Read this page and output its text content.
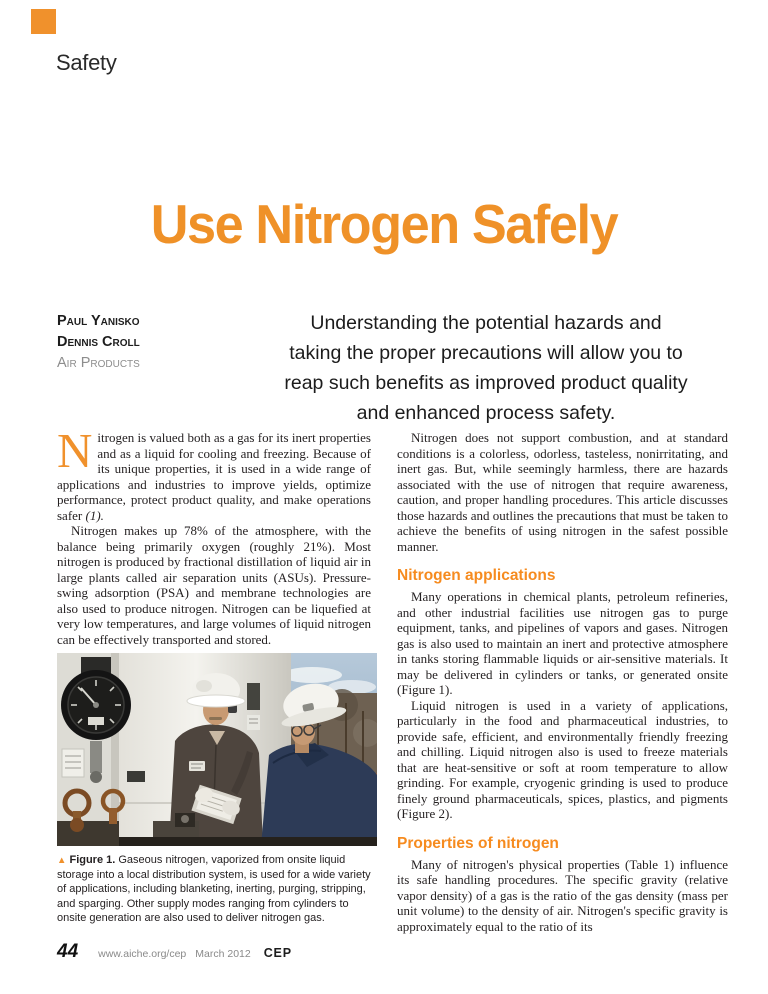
Safety
Use Nitrogen Safely
Paul Yanisko
Dennis Croll
Air Products
Understanding the potential hazards and
taking the proper precautions will allow you to
reap such benefits as improved product quality
and enhanced process safety.

Nitrogen is valued both as a gas for its inert properties and as a liquid for cooling and freezing. Because of its unique properties, it is used in a wide range of applications and industries to improve yields, optimize performance, protect product quality, and make operations safer (1).

Nitrogen makes up 78% of the atmosphere, with the balance being primarily oxygen (roughly 21%). Most nitrogen is produced by fractional distillation of liquid air in large plants called air separation units (ASUs). Pressure-swing adsorption (PSA) and membrane technologies are also used to produce nitrogen. Nitrogen can be liquefied at very low temperatures, and large volumes of liquid nitrogen can be effectively transported and stored.

Nitrogen does not support combustion, and at standard conditions is a colorless, odorless, tasteless, nonirritating, and inert gas. But, while seemingly harmless, there are hazards associated with the use of nitrogen that require awareness, caution, and proper handling procedures. This article discusses those hazards and outlines the precautions that must be taken to achieve the benefits of using nitrogen in the safest possible manner.

Nitrogen applications

Many operations in chemical plants, petroleum refineries, and other industrial facilities use nitrogen gas to purge equipment, tanks, and pipelines of vapors and gases. Nitrogen gas is also used to maintain an inert and protective atmosphere in tanks storing flammable liquids or air-sensitive materials. It may be delivered in cylinders or tanks, or generated onsite (Figure 1).

Liquid nitrogen is used in a variety of applications, particularly in the food and pharmaceutical industries, to provide safe, efficient, and environmentally friendly freezing and chilling. Liquid nitrogen also is used to freeze materials that are heat-sensitive or soft at room temperature to allow grinding. For example, cryogenic grinding is used to produce finely ground pharmaceuticals, spices, plastics, and pigments (Figure 2).

Properties of nitrogen

Many of nitrogen's physical properties (Table 1) influence its safe handling procedures. The specific gravity (relative vapor density) of a gas is the ratio of the gas density (mass per unit volume) to the density of air. Nitrogen's specific gravity is approximately equal to the ratio of its

▲ Figure 1. Gaseous nitrogen, vaporized from onsite liquid storage into a local distribution system, is used for a wide variety of applications, including blanketing, inerting, purging, stripping, and sparging. Other supply modes ranging from cylinders to onsite generation are also used to deliver nitrogen gas.
44 www.aiche.org/cep March 2012 CEP
